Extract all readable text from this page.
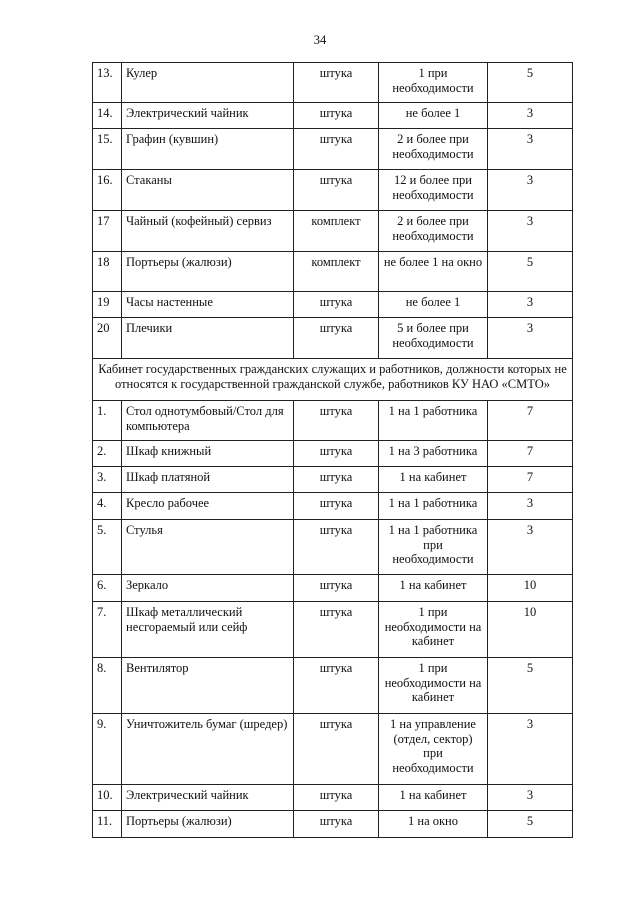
34
13.	Кулер	штука	1 при необходимости	5
14.	Электрический чайник	штука	не более 1	3
15.	Графин (кувшин)	штука	2 и более при необходимости	3
16.	Стаканы	штука	12 и более при необходимости	3
17	Чайный (кофейный) сервиз	комплект	2 и более при необходимости	3
18	Портьеры (жалюзи)	комплект	не более 1 на окно	5
19	Часы настенные	штука	не более 1	3
20	Плечики	штука	5 и более при необходимости	3
Кабинет государственных гражданских служащих и работников, должности которых не относятся к государственной гражданской службе, работников КУ НАО «СМТО»				
1.	Стол однотумбовый/Стол для компьютера	штука	1 на 1 работника	7
2.	Шкаф книжный	штука	1 на 3 работника	7
3.	Шкаф платяной	штука	1 на кабинет	7
4.	Кресло рабочее	штука	1 на 1 работника	3
5.	Стулья	штука	1 на 1 работника при необходимости	3
6.	Зеркало	штука	1 на кабинет	10
7.	Шкаф металлический несгораемый или сейф	штука	1 при необходимости на кабинет	10
8.	Вентилятор	штука	1 при необходимости на кабинет	5
9.	Уничтожитель бумаг (шредер)	штука	1 на управление (отдел, сектор) при необходимости	3
10.	Электрический чайник	штука	1 на кабинет	3
11.	Портьеры (жалюзи)	штука	1 на окно	5
